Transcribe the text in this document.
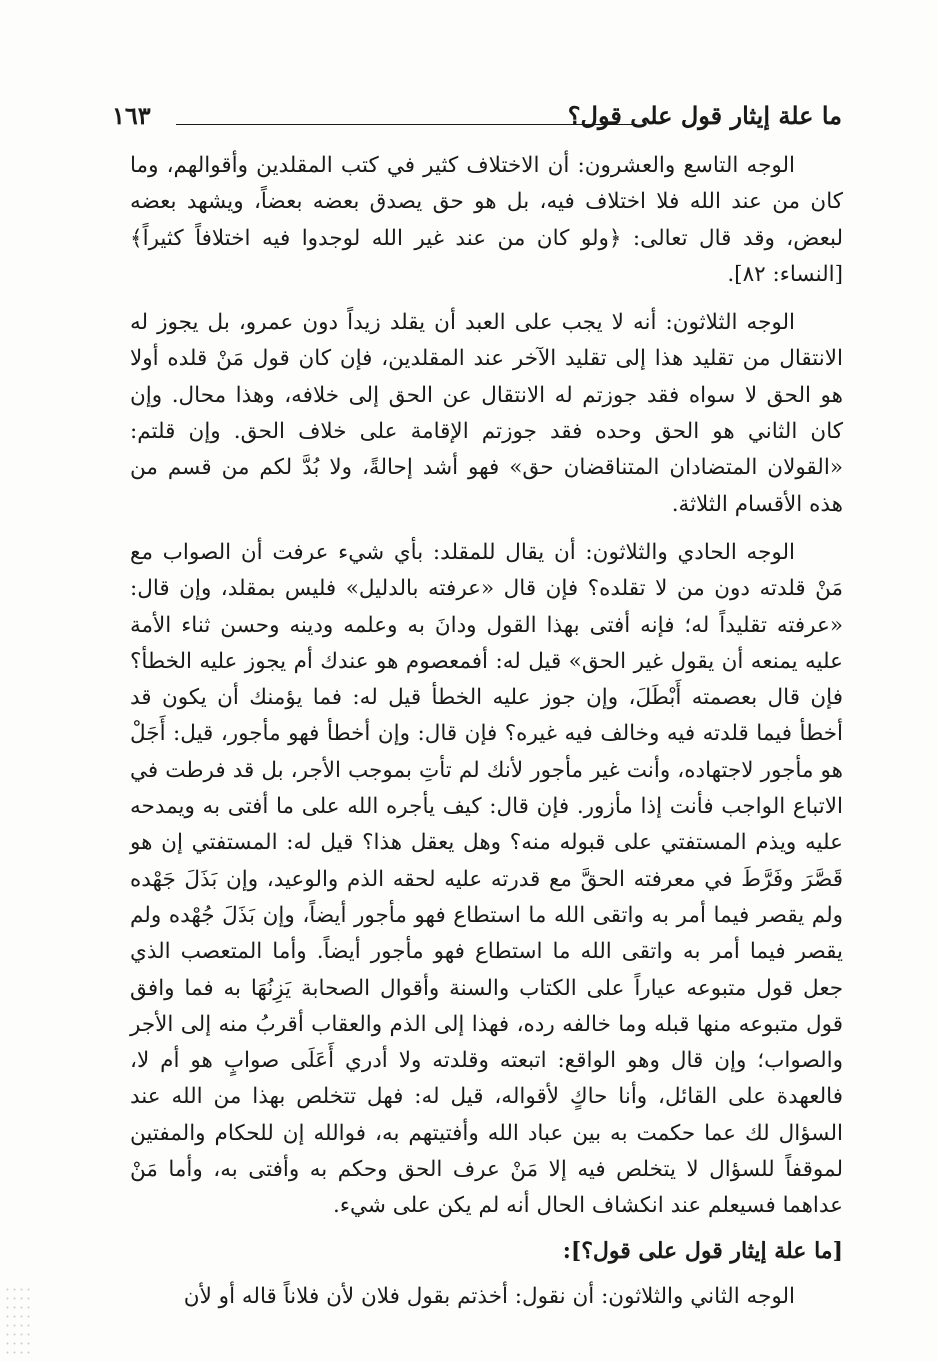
ما علة إيثار قول على قول؟
١٦٣

الوجه التاسع والعشرون: أن الاختلاف كثير في كتب المقلدين وأقوالهم، وما كان من عند الله فلا اختلاف فيه، بل هو حق يصدق بعضه بعضاً، ويشهد بعضه لبعض، وقد قال تعالى: ﴿ولو كان من عند غير الله لوجدوا فيه اختلافاً كثيراً﴾ [النساء: ٨٢].

الوجه الثلاثون: أنه لا يجب على العبد أن يقلد زيداً دون عمرو، بل يجوز له الانتقال من تقليد هذا إلى تقليد الآخر عند المقلدين، فإن كان قول مَنْ قلده أولا هو الحق لا سواه فقد جوزتم له الانتقال عن الحق إلى خلافه، وهذا محال. وإن كان الثاني هو الحق وحده فقد جوزتم الإقامة على خلاف الحق. وإن قلتم: «القولان المتضادان المتناقضان حق» فهو أشد إحالةً، ولا بُدَّ لكم من قسم من هذه الأقسام الثلاثة.

الوجه الحادي والثلاثون: أن يقال للمقلد: بأي شيء عرفت أن الصواب مع مَنْ قلدته دون من لا تقلده؟ فإن قال «عرفته بالدليل» فليس بمقلد، وإن قال: «عرفته تقليداً له؛ فإنه أفتى بهذا القول ودانَ به وعلمه ودينه وحسن ثناء الأمة عليه يمنعه أن يقول غير الحق» قيل له: أفمعصوم هو عندك أم يجوز عليه الخطأ؟ فإن قال بعصمته أَبْطَلَ، وإن جوز عليه الخطأ قيل له: فما يؤمنك أن يكون قد أخطأ فيما قلدته فيه وخالف فيه غيره؟ فإن قال: وإن أخطأ فهو مأجور، قيل: أَجَلْ هو مأجور لاجتهاده، وأنت غير مأجور لأنك لم تأتِ بموجب الأجر، بل قد فرطت في الاتباع الواجب فأنت إذا مأزور. فإن قال: كيف يأجره الله على ما أفتى به ويمدحه عليه ويذم المستفتي على قبوله منه؟ وهل يعقل هذا؟ قيل له: المستفتي إن هو قَصَّرَ وفَرَّطَ في معرفته الحقَّ مع قدرته عليه لحقه الذم والوعيد، وإن بَذَلَ جَهْده ولم يقصر فيما أمر به واتقى الله ما استطاع فهو مأجور أيضاً، وإن بَذَلَ جُهْده ولم يقصر فيما أمر به واتقى الله ما استطاع فهو مأجور أيضاً. وأما المتعصب الذي جعل قول متبوعه عياراً على الكتاب والسنة وأقوال الصحابة يَزِنُهَا به فما وافق قول متبوعه منها قبله وما خالفه رده، فهذا إلى الذم والعقاب أقربُ منه إلى الأجر والصواب؛ وإن قال وهو الواقع: اتبعته وقلدته ولا أدري أَعَلَى صوابٍ هو أم لا، فالعهدة على القائل، وأنا حاكٍ لأقواله، قيل له: فهل تتخلص بهذا من الله عند السؤال لك عما حكمت به بين عباد الله وأفتيتهم به، فوالله إن للحكام والمفتين لموقفاً للسؤال لا يتخلص فيه إلا مَنْ عرف الحق وحكم به وأفتى به، وأما مَنْ عداهما فسيعلم عند انكشاف الحال أنه لم يكن على شيء.

[ما علة إيثار قول على قول؟]:

الوجه الثاني والثلاثون: أن نقول: أخذتم بقول فلان لأن فلاناً قاله أو لأن
